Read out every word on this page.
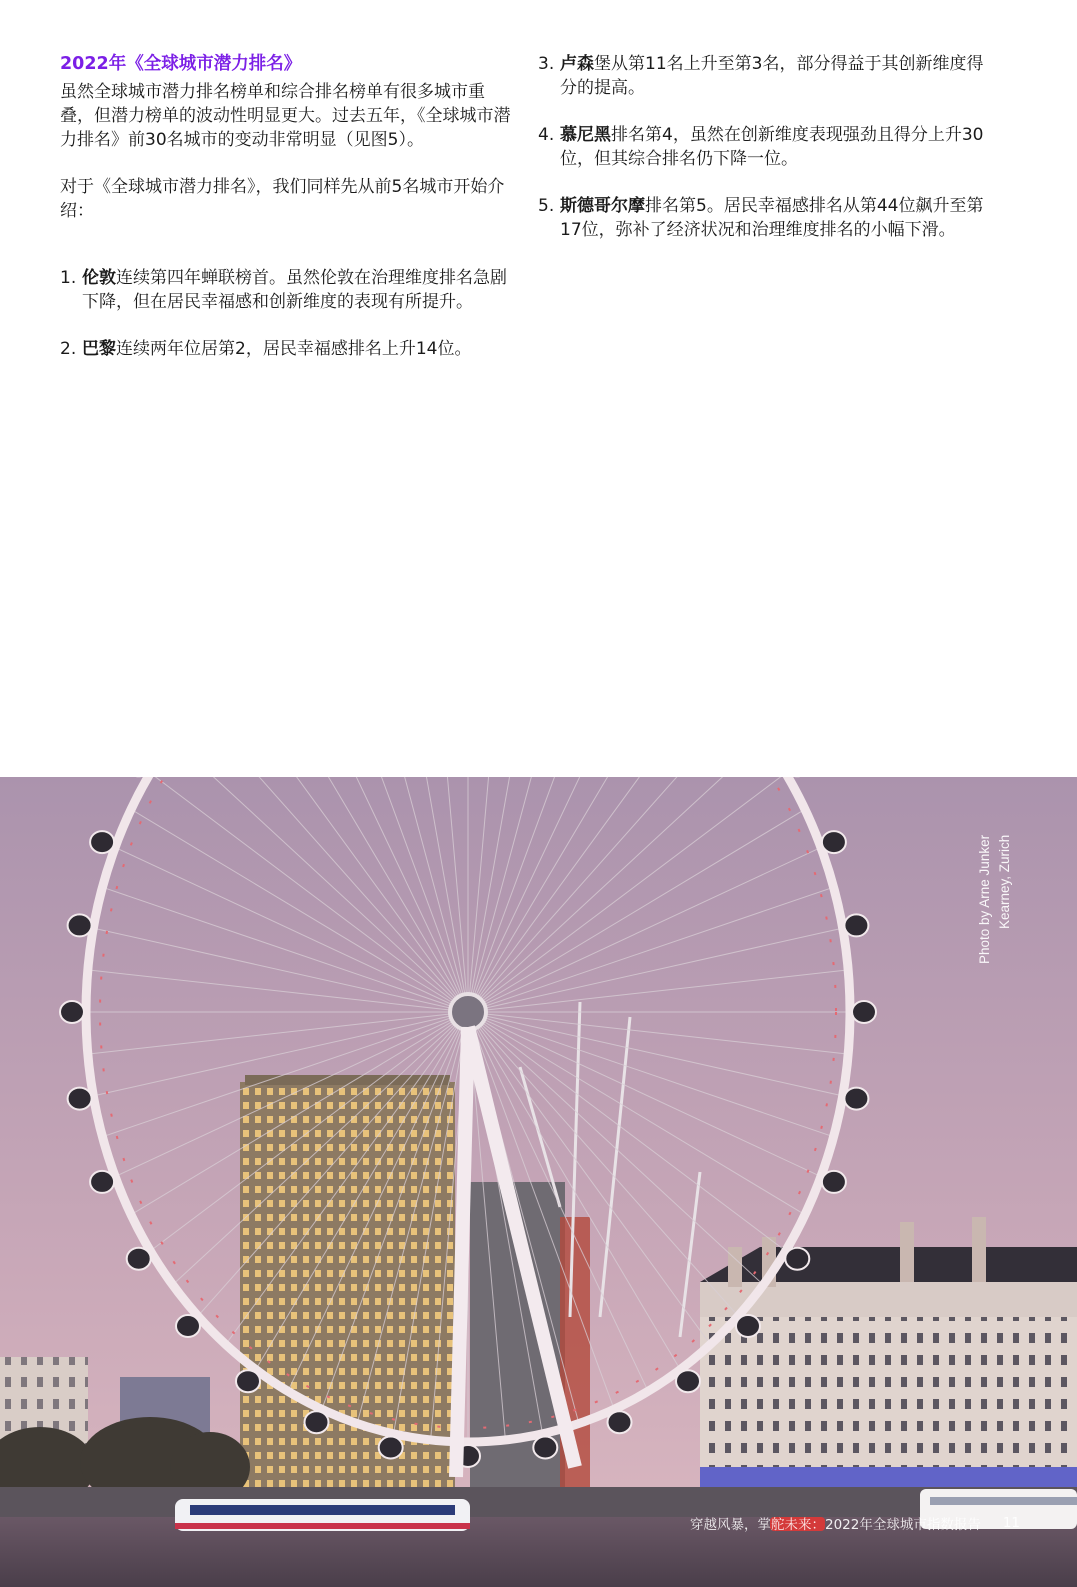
2022年《全球城市潜力排名》

虽然全球城市潜力排名榜单和综合排名榜单有很多城市重叠，但潜力榜单的波动性明显更大。过去五年，《全球城市潜力排名》前30名城市的变动非常明显（见图5）。

对于《全球城市潜力排名》，我们同样先从前5名城市开始介绍：

1. 伦敦连续第四年蝉联榜首。虽然伦敦在治理维度排名急剧下降，但在居民幸福感和创新维度的表现有所提升。
2. 巴黎连续两年位居第2，居民幸福感排名上升14位。
3. 卢森堡从第11名上升至第3名，部分得益于其创新维度得分的提高。
4. 慕尼黑排名第4，虽然在创新维度表现强劲且得分上升30位，但其综合排名仍下降一位。
5. 斯德哥尔摩排名第5。居民幸福感排名从第44位飙升至第17位，弥补了经济状况和治理维度排名的小幅下滑。
Photo by Arne Junker Kearney, Zurich
穿越风暴，掌舵未来：2022年全球城市指数报告 11
